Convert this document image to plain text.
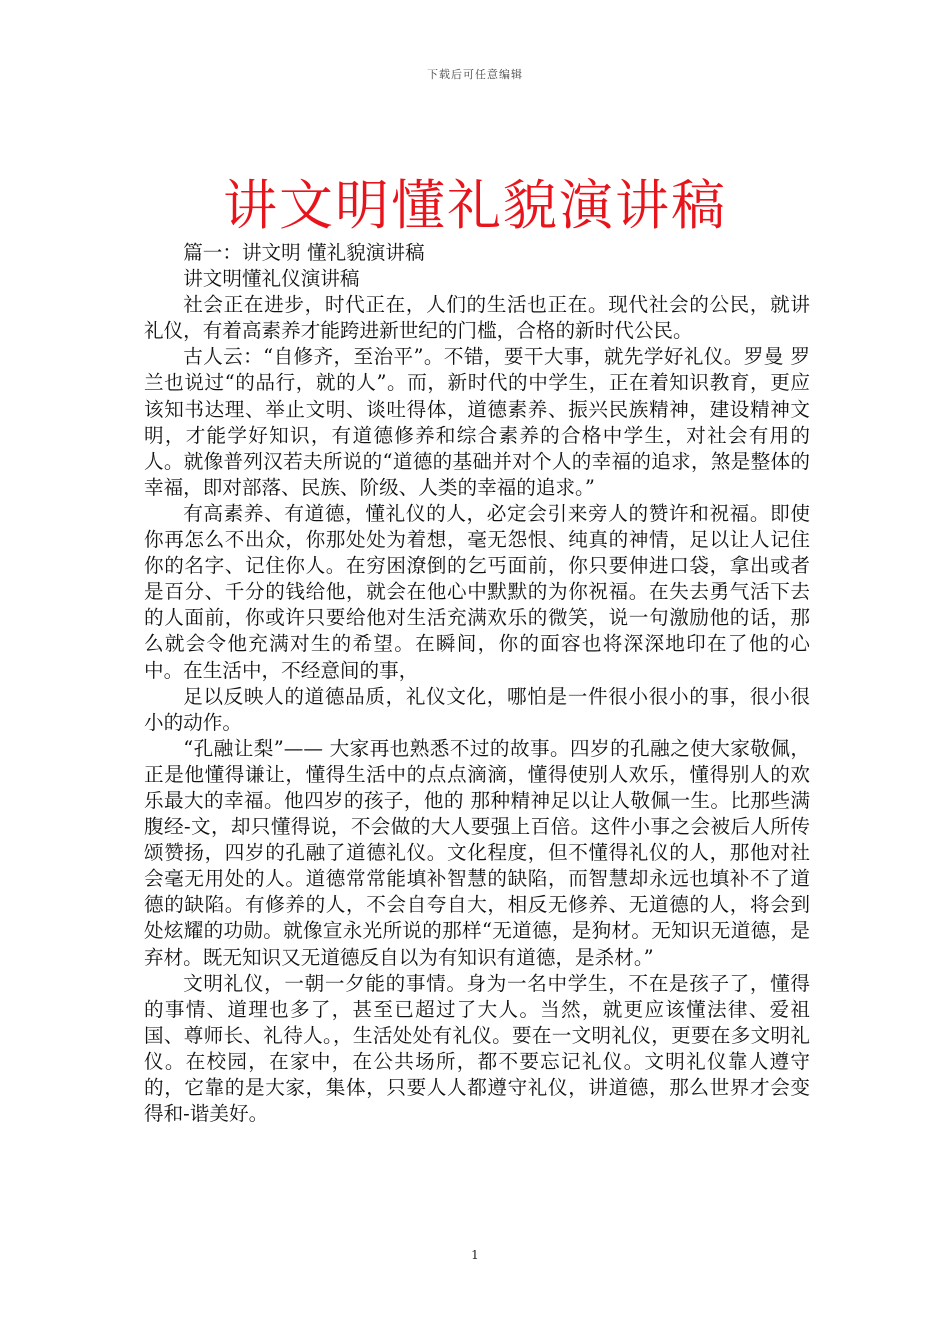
下载后可任意编辑
讲文明懂礼貌演讲稿

篇一：讲文明 懂礼貌演讲稿

讲文明懂礼仪演讲稿

社会正在进步，时代正在，人们的生活也正在。现代社会的公民，就讲礼仪，有着高素养才能跨进新世纪的门槛，合格的新时代公民。

古人云：“自修齐，至治平”。不错，要干大事，就先学好礼仪。罗曼 罗兰也说过“的品行，就的人”。而，新时代的中学生，正在着知识教育，更应该知书达理、举止文明、谈吐得体，道德素养、振兴民族精神，建设精神文明，才能学好知识，有道德修养和综合素养的合格中学生，对社会有用的人。就像普列汉若夫所说的“道德的基础并对个人的幸福的追求，煞是整体的幸福，即对部落、民族、阶级、人类的幸福的追求。”

有高素养、有道德，懂礼仪的人，必定会引来旁人的赞许和祝福。即使你再怎么不出众，你那处处为着想，毫无怨恨、纯真的神情，足以让人记住你的名字、记住你人。在穷困潦倒的乞丐面前，你只要伸进口袋，拿出或者是百分、千分的钱给他，就会在他心中默默的为你祝福。在失去勇气活下去的人面前，你或许只要给他对生活充满欢乐的微笑，说一句激励他的话，那么就会令他充满对生的希望。在瞬间，你的面容也将深深地印在了他的心中。在生活中，不经意间的事，

足以反映人的道德品质，礼仪文化，哪怕是一件很小很小的事，很小很小的动作。

“孔融让梨”—— 大家再也熟悉不过的故事。四岁的孔融之使大家敬佩，正是他懂得谦让，懂得生活中的点点滴滴，懂得使别人欢乐，懂得别人的欢乐最大的幸福。他四岁的孩子，他的 那种精神足以让人敬佩一生。比那些满腹经-文，却只懂得说，不会做的大人要强上百倍。这件小事之会被后人所传颂赞扬，四岁的孔融了道德礼仪。文化程度，但不懂得礼仪的人，那他对社会毫无用处的人。道德常常能填补智慧的缺陷，而智慧却永远也填补不了道德的缺陷。有修养的人，不会自夸自大，相反无修养、无道德的人，将会到处炫耀的功勋。就像宣永光所说的那样“无道德，是狗材。无知识无道德，是弃材。既无知识又无道德反自以为有知识有道德，是杀材。”

文明礼仪，一朝一夕能的事情。身为一名中学生，不在是孩子了，懂得的事情、道理也多了，甚至已超过了大人。当然，就更应该懂法律、爱祖国、尊师长、礼待人。，生活处处有礼仪。要在一文明礼仪，更要在多文明礼仪。在校园，在家中，在公共场所，都不要忘记礼仪。文明礼仪靠人遵守的，它靠的是大家，集体，只要人人都遵守礼仪，讲道德，那么世界才会变得和-谐美好。

1
